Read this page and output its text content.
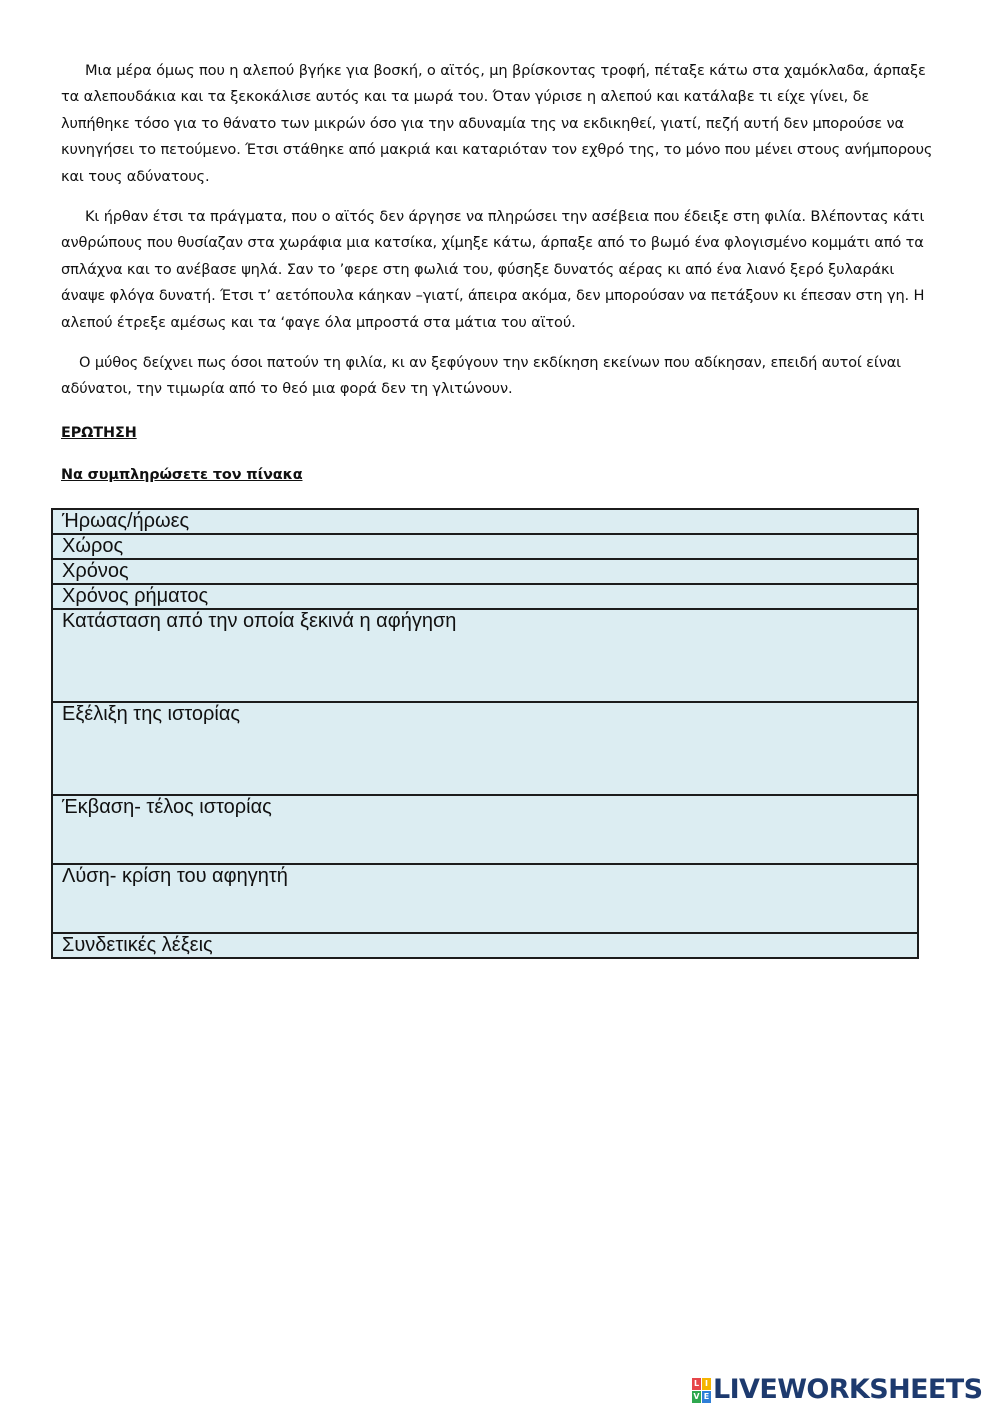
Μια μέρα όμως που η αλεπού βγήκε για βοσκή, ο αϊτός, μη βρίσκοντας τροφή, πέταξε κάτω στα χαμόκλαδα, άρπαξε τα αλεπουδάκια και τα ξεκοκάλισε αυτός και τα μωρά του. Όταν γύρισε η αλεπού και κατάλαβε τι είχε γίνει, δε λυπήθηκε τόσο για το θάνατο των μικρών όσο για την αδυναμία της να εκδικηθεί, γιατί, πεζή αυτή δεν μπορούσε να κυνηγήσει το πετούμενο. Έτσι στάθηκε από μακριά και καταριόταν τον εχθρό της, το μόνο που μένει στους ανήμπορους και τους αδύνατους.

Κι ήρθαν έτσι τα πράγματα, που ο αϊτός δεν άργησε να πληρώσει την ασέβεια που έδειξε στη φιλία. Βλέποντας κάτι ανθρώπους που θυσίαζαν στα χωράφια μια κατσίκα, χίμηξε κάτω, άρπαξε από το βωμό ένα φλογισμένο κομμάτι από τα σπλάχνα και το ανέβασε ψηλά. Σαν το ’φερε στη φωλιά του, φύσηξε δυνατός αέρας κι από ένα λιανό ξερό ξυλαράκι άναψε φλόγα δυνατή. Έτσι τ’ αετόπουλα κάηκαν –γιατί, άπειρα ακόμα, δεν μπορούσαν να πετάξουν κι έπεσαν στη γη. Η αλεπού έτρεξε αμέσως και τα ‘φαγε όλα μπροστά στα μάτια του αϊτού.

Ο μύθος δείχνει πως όσοι πατούν τη φιλία, κι αν ξεφύγουν την εκδίκηση εκείνων που αδίκησαν, επειδή αυτοί είναι αδύνατοι, την τιμωρία από το θεό μια φορά δεν τη γλιτώνουν.

ΕΡΩΤΗΣΗ
Να συμπληρώσετε τον πίνακα
Ήρωας/ήρωες
Χώρος
Χρόνος
Χρόνος ρήματος
Κατάσταση από την οποία ξεκινά η αφήγηση
Εξέλιξη της ιστορίας
Έκβαση- τέλος ιστορίας
Λύση- κρίση του αφηγητή
Συνδετικές λέξεις
L I
V E LIVEWORKSHEETS
